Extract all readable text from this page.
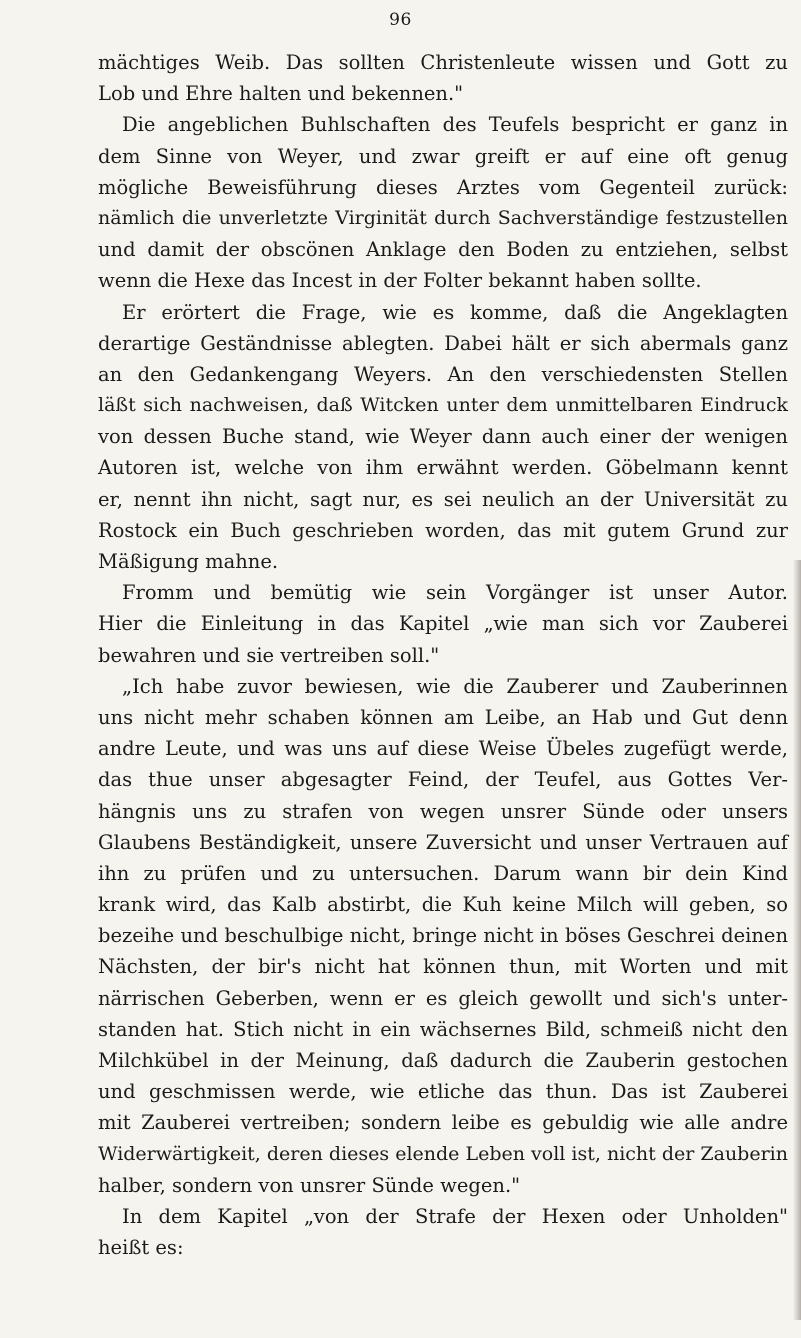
96
mächtiges Weib. Das sollten Christenleute wissen und Gott zu
Lob und Ehre halten und bekennen."
Die angeblichen Buhlschaften des Teufels bespricht er ganz in
dem Sinne von Weyer, und zwar greift er auf eine oft genug
mögliche Beweisführung dieses Arztes vom Gegenteil zurück:
nämlich die unverletzte Virginität durch Sachverständige festzustellen
und damit der obscönen Anklage den Boden zu entziehen, selbst
wenn die Hexe das Incest in der Folter bekannt haben sollte.
Er erörtert die Frage, wie es komme, daß die Angeklagten
derartige Geständnisse ablegten. Dabei hält er sich abermals ganz
an den Gedankengang Weyers. An den verschiedensten Stellen
läßt sich nachweisen, daß Witcken unter dem unmittelbaren Eindruck
von dessen Buche stand, wie Weyer dann auch einer der wenigen
Autoren ist, welche von ihm erwähnt werden. Göbelmann kennt
er, nennt ihn nicht, sagt nur, es sei neulich an der Universität zu
Rostock ein Buch geschrieben worden, das mit gutem Grund zur
Mäßigung mahne.
Fromm und bemütig wie sein Vorgänger ist unser Autor.
Hier die Einleitung in das Kapitel „wie man sich vor Zauberei
bewahren und sie vertreiben soll."
„Ich habe zuvor bewiesen, wie die Zauberer und Zauberinnen
uns nicht mehr schaben können am Leibe, an Hab und Gut denn
andre Leute, und was uns auf diese Weise Übeles zugefügt werde,
das thue unser abgesagter Feind, der Teufel, aus Gottes Ver-
hängnis uns zu strafen von wegen unsrer Sünde oder unsers
Glaubens Beständigkeit, unsere Zuversicht und unser Vertrauen auf
ihn zu prüfen und zu untersuchen. Darum wann bir dein Kind
krank wird, das Kalb abstirbt, die Kuh keine Milch will geben, so
bezeihe und beschulbige nicht, bringe nicht in böses Geschrei deinen
Nächsten, der bir's nicht hat können thun, mit Worten und mit
närrischen Geberben, wenn er es gleich gewollt und sich's unter-
standen hat. Stich nicht in ein wächsernes Bild, schmeiß nicht den
Milchkübel in der Meinung, daß dadurch die Zauberin gestochen
und geschmissen werde, wie etliche das thun. Das ist Zauberei
mit Zauberei vertreiben; sondern leibe es gebuldig wie alle andre
Widerwärtigkeit, deren dieses elende Leben voll ist, nicht der Zauberin
halber, sondern von unsrer Sünde wegen."
In dem Kapitel „von der Strafe der Hexen oder Unholden"
heißt es:
